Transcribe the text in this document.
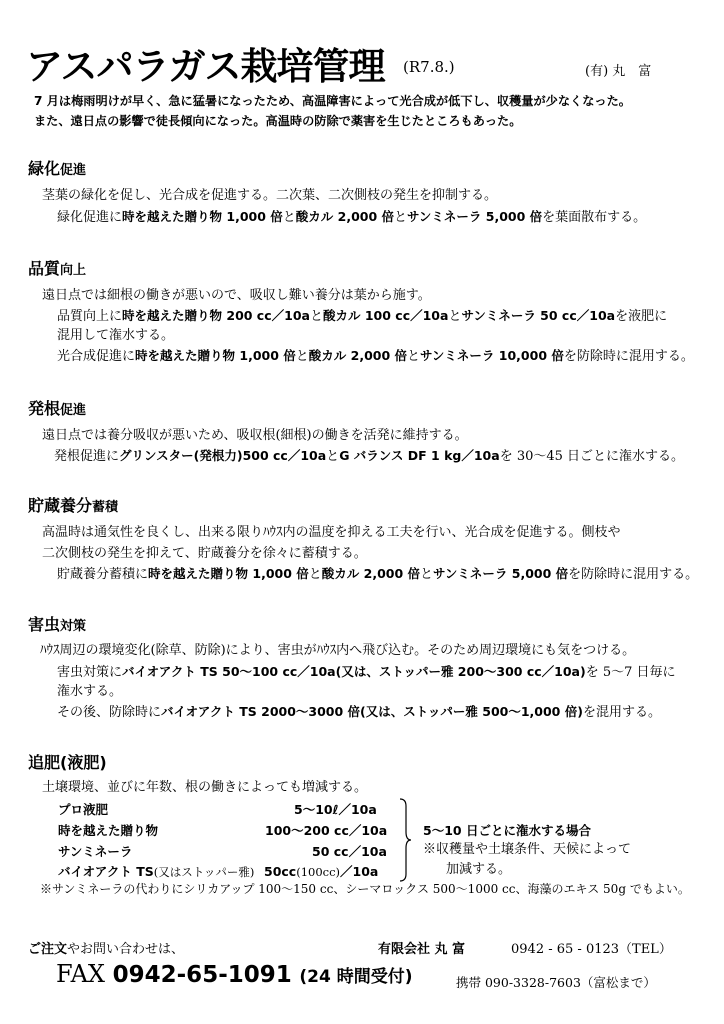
アスパラガス栽培管理 (R7.8.)	(有) 丸　富
7 月は梅雨明けが早く、急に猛暑になったため、高温障害によって光合成が低下し、収穫量が少なくなった。
また、遠日点の影響で徒長傾向になった。高温時の防除で薬害を生じたところもあった。
緑化促進
茎葉の緑化を促し、光合成を促進する。二次葉、二次側枝の発生を抑制する。
緑化促進に時を越えた贈り物 1,000 倍と酸カル 2,000 倍とサンミネーラ 5,000 倍を葉面散布する。
品質向上
遠日点では細根の働きが悪いので、吸収し難い養分は葉から施す。
品質向上に時を越えた贈り物 200 cc／10aと酸カル 100 cc／10aとサンミネーラ 50 cc／10aを液肥に
混用して潅水する。
光合成促進に時を越えた贈り物 1,000 倍と酸カル 2,000 倍とサンミネーラ 10,000 倍を防除時に混用する。
発根促進
遠日点では養分吸収が悪いため、吸収根(細根)の働きを活発に維持する。
発根促進にグリンスター(発根力)500 cc／10aとG バランス DF 1 kg／10aを 30～45 日ごとに潅水する。
貯蔵養分蓄積
高温時は通気性を良くし、出来る限りﾊｳｽ内の温度を抑える工夫を行い、光合成を促進する。側枝や
二次側枝の発生を抑えて、貯蔵養分を徐々に蓄積する。
貯蔵養分蓄積に時を越えた贈り物 1,000 倍と酸カル 2,000 倍とサンミネーラ 5,000 倍を防除時に混用する。
害虫対策
ﾊｳｽ周辺の環境変化(除草、防除)により、害虫がﾊｳｽ内へ飛び込む。そのため周辺環境にも気をつける。
害虫対策にバイオアクト TS 50～100 cc／10a(又は、ストッパー雅 200～300 cc／10a)を 5～7 日毎に
潅水する。
その後、防除時にバイオアクト TS 2000～3000 倍(又は、ストッパー雅 500～1,000 倍)を混用する。
追肥(液肥)
土壌環境、並びに年数、根の働きによっても増減する。
プロ液肥	5～10ℓ／10a
時を越えた贈り物	100～200 cc／10a
サンミネーラ	50 cc／10a
バイオアクト TS(又はストッパー雅) 50cc(100cc)／10a
5～10 日ごとに潅水する場合
※収穫量や土壌条件、天候によって
加減する。
※サンミネーラの代わりにシリカアップ 100～150 cc、シーマロックス 500～1000 cc、海藻のエキス 50g でもよい。
ご注文やお問い合わせは、	有限会社 丸 富	0942 - 65 - 0123（TEL）
FAX 0942-65-1091 (24 時間受付)	携帯 090-3328-7603（富松まで）
